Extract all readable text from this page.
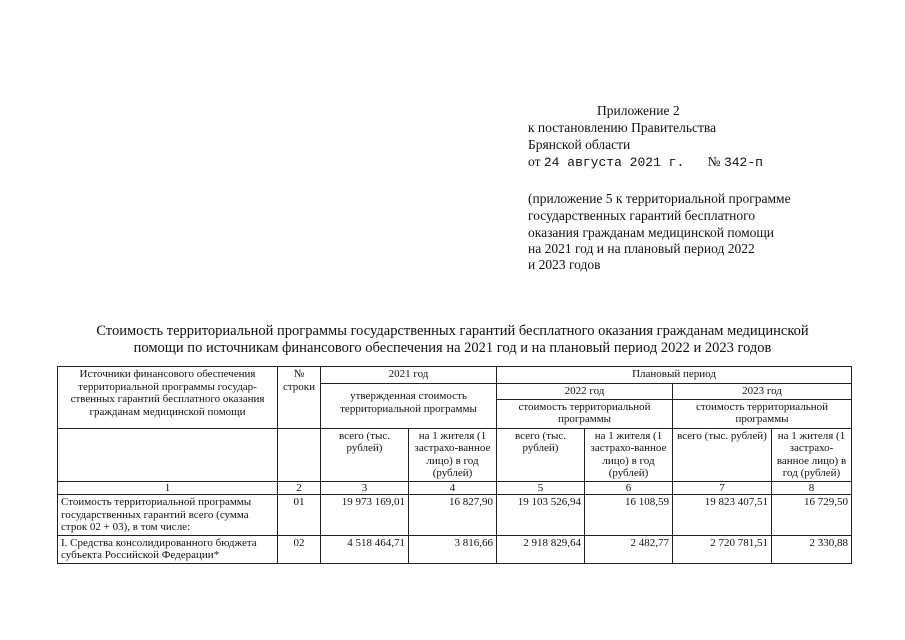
Приложение 2
к постановлению Правительства
Брянской области
от 24 августа 2021 г. № 342-п
(приложение 5 к территориальной программе
государственных гарантий бесплатного
оказания гражданам медицинской помощи
на 2021 год и на плановый период 2022
и 2023 годов
Стоимость территориальной программы государственных гарантий бесплатного оказания гражданам медицинской
помощи по источникам финансового обеспечения на 2021 год и на плановый период 2022 и 2023 годов
Источники финансового обеспечения территориальной программы государ-ственных гарантий бесплатного оказания гражданам медицинской помощи	№ строки	2021 год		Плановый период			
		утвержденная стоимость территориальной программы		2022 год		2023 год	
				стоимость территориальной программы		стоимость территориальной программы	
		всего (тыс. рублей)	на 1 жителя (1 застрахо-ванное лицо) в год (рублей)	всего (тыс. рублей)	на 1 жителя (1 застрахо-ванное лицо) в год (рублей)	всего (тыс. рублей)	на 1 жителя (1 застрахо-ванное лицо) в год (рублей)
1	2	3	4	5	6	7	8
Стоимость территориальной программы государственных гарантий всего (сумма строк 02 + 03), в том числе:	01	19 973 169,01	16 827,90	19 103 526,94	16 108,59	19 823 407,51	16 729,50
I. Средства консолидированного бюджета субъекта Российской Федерации*	02	4 518 464,71	3 816,66	2 918 829,64	2 482,77	2 720 781,51	2 330,88
